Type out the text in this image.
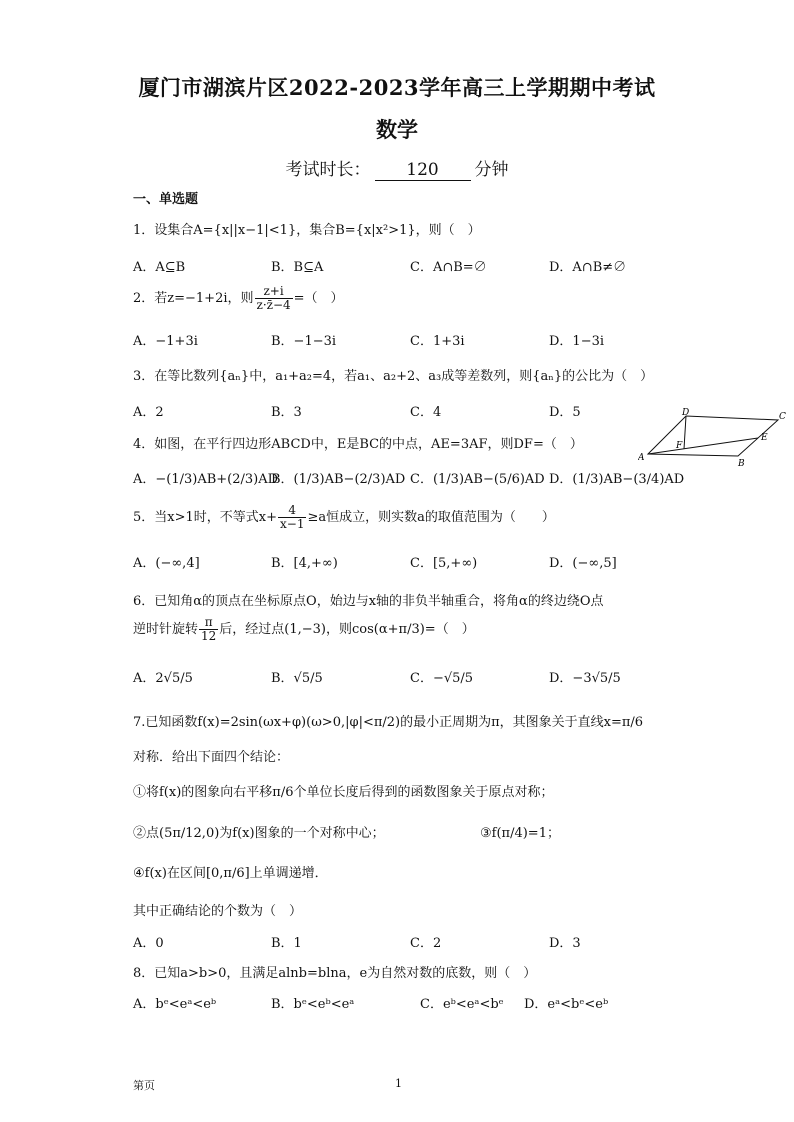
厦门市湖滨片区2022-2023学年高三上学期期中考试
数学
考试时长： 120 分钟
一、单选题
1．设集合A={x||x−1|<1}，集合B={x|x²>1}，则（　）
A．A⊆B	B．B⊆A	C．A∩B=∅	D．A∩B≠∅
2．若z=−1+2i，则 $\frac{z+i}{z\cdot z̄-4}$ =（　）
A．−1+3i	B．−1−3i	C．1+3i	D．1−3i
3．在等比数列{aₙ}中，a₁+a₂=4，若a₁、a₂+2、a₃成等差数列，则{aₙ}的公比为（　）
A．2	B．3	C．4	D．5
4．如图，在平行四边形ABCD中，E是BC的中点，AE=3AF，则DF=（　）
A．−(1/3)AB+(2/3)AD
B．(1/3)AB−(2/3)AD C．(1/3)AB−(5/6)AD D．(1/3)AB−(3/4)AD
D	C
F
E
A
B
5．当x>1时，不等式$x+ \frac{4}{x-1} \ge a$恒成立，则实数a的取值范围为（　　）
A．(−∞,4]	B．[4,+∞)	C．[5,+∞)	D．(−∞,5]
6．已知角α的顶点在坐标原点O，始边与x轴的非负半轴重合，将角α的终边绕O点
逆时针旋转 $\frac{\pi}{12}$ 后，经过点(1,−3)，则cos(α+π/3)=（　）
A．2√5/5	B．√5/5	C．−√5/5	D．−3√5/5
7.已知函数f(x)=2sin(ωx+φ)(ω>0,|φ|<π/2)的最小正周期为π，其图象关于直线x=π/6
对称．给出下面四个结论：
①将f(x)的图象向右平移π/6个单位长度后得到的函数图象关于原点对称；
②点(5π/12,0)为f(x)图象的一个对称中心；	③f(π/4)=1；
④f(x)在区间[0,π/6]上单调递增．
其中正确结论的个数为（　）
A．0	B．1	C．2	D．3
8．已知a>b>0，且满足alnb=blna，e为自然对数的底数，则（　）
A．bᵉ<eᵃ<eᵇ	B．bᵉ<eᵇ<eᵃ	C．eᵇ<eᵃ<bᵉ D．eᵃ<bᵉ<eᵇ
第页	1
